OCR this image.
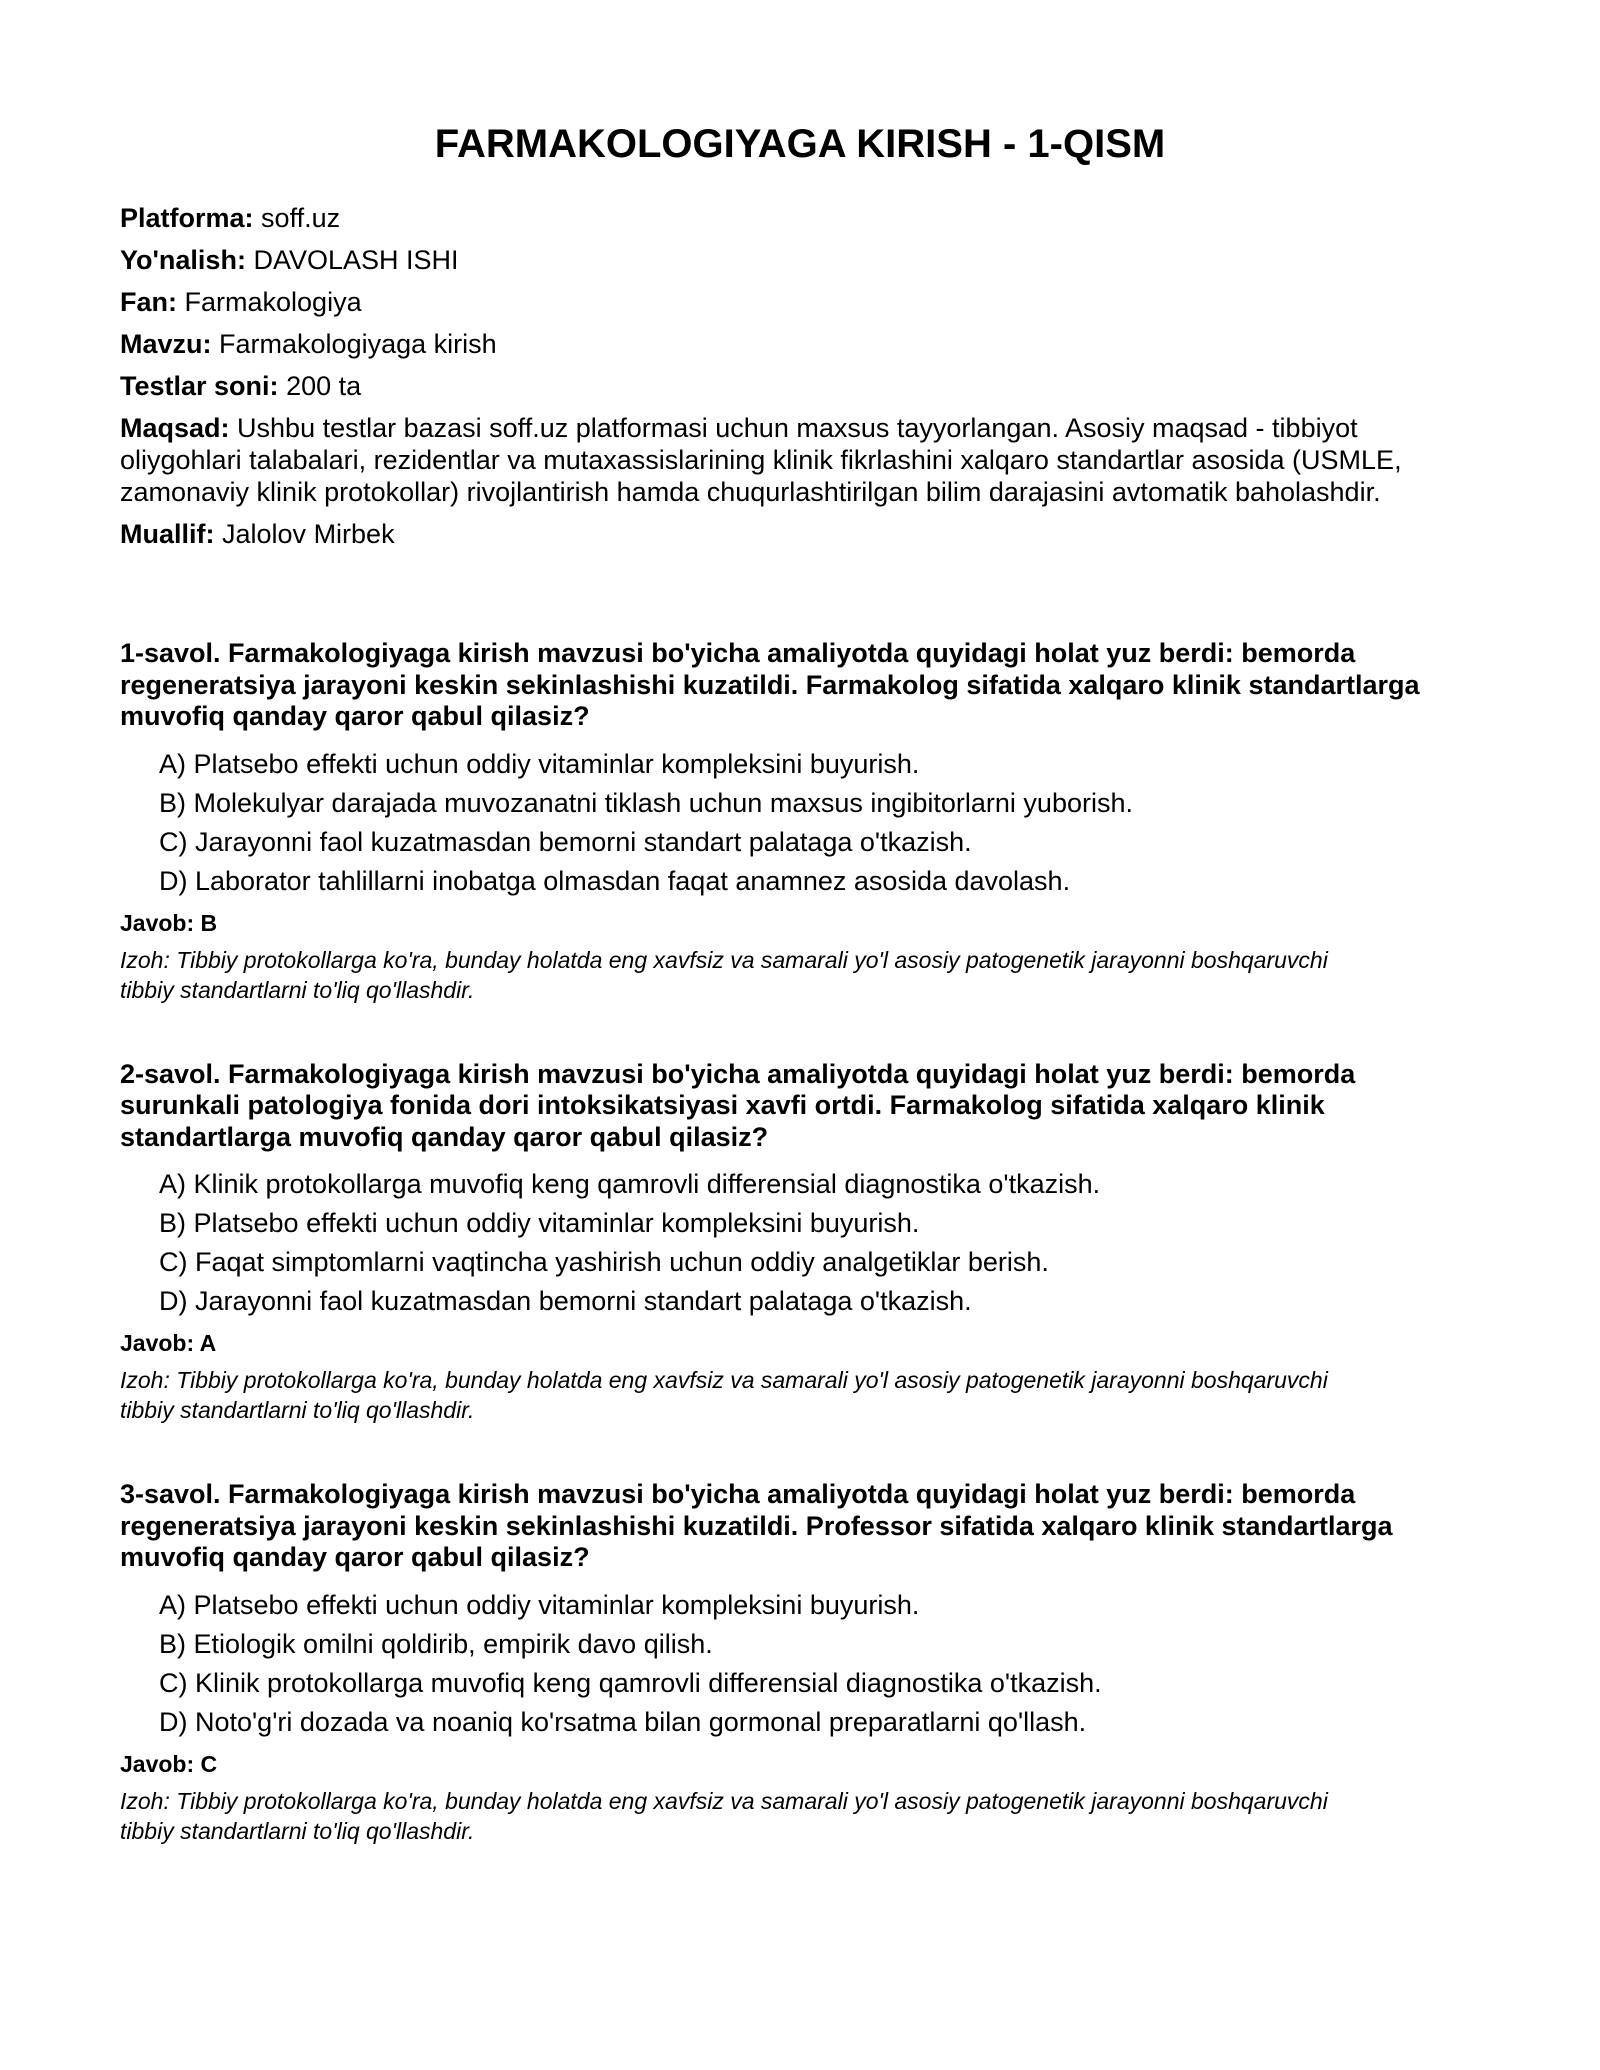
FARMAKOLOGIYAGA KIRISH - 1-QISM
Platforma: soff.uz
Yo'nalish: DAVOLASH ISHI
Fan: Farmakologiya
Mavzu: Farmakologiyaga kirish
Testlar soni: 200 ta
Maqsad: Ushbu testlar bazasi soff.uz platformasi uchun maxsus tayyorlangan. Asosiy maqsad - tibbiyot oliygohlari talabalari, rezidentlar va mutaxassislarining klinik fikrlashini xalqaro standartlar asosida (USMLE, zamonaviy klinik protokollar) rivojlantirish hamda chuqurlashtirilgan bilim darajasini avtomatik baholashdir.
Muallif: Jalolov Mirbek
1-savol. Farmakologiyaga kirish mavzusi bo'yicha amaliyotda quyidagi holat yuz berdi: bemorda regeneratsiya jarayoni keskin sekinlashishi kuzatildi. Farmakolog sifatida xalqaro klinik standartlarga muvofiq qanday qaror qabul qilasiz?
A) Platsebo effekti uchun oddiy vitaminlar kompleksini buyurish.
B) Molekulyar darajada muvozanatni tiklash uchun maxsus ingibitorlarni yuborish.
C) Jarayonni faol kuzatmasdan bemorni standart palataga o'tkazish.
D) Laborator tahlillarni inobatga olmasdan faqat anamnez asosida davolash.
Javob: B
Izoh: Tibbiy protokollarga ko'ra, bunday holatda eng xavfsiz va samarali yo'l asosiy patogenetik jarayonni boshqaruvchi tibbiy standartlarni to'liq qo'llashdir.
2-savol. Farmakologiyaga kirish mavzusi bo'yicha amaliyotda quyidagi holat yuz berdi: bemorda surunkali patologiya fonida dori intoksikatsiyasi xavfi ortdi. Farmakolog sifatida xalqaro klinik standartlarga muvofiq qanday qaror qabul qilasiz?
A) Klinik protokollarga muvofiq keng qamrovli differensial diagnostika o'tkazish.
B) Platsebo effekti uchun oddiy vitaminlar kompleksini buyurish.
C) Faqat simptomlarni vaqtincha yashirish uchun oddiy analgetiklar berish.
D) Jarayonni faol kuzatmasdan bemorni standart palataga o'tkazish.
Javob: A
Izoh: Tibbiy protokollarga ko'ra, bunday holatda eng xavfsiz va samarali yo'l asosiy patogenetik jarayonni boshqaruvchi tibbiy standartlarni to'liq qo'llashdir.
3-savol. Farmakologiyaga kirish mavzusi bo'yicha amaliyotda quyidagi holat yuz berdi: bemorda regeneratsiya jarayoni keskin sekinlashishi kuzatildi. Professor sifatida xalqaro klinik standartlarga muvofiq qanday qaror qabul qilasiz?
A) Platsebo effekti uchun oddiy vitaminlar kompleksini buyurish.
B) Etiologik omilni qoldirib, empirik davo qilish.
C) Klinik protokollarga muvofiq keng qamrovli differensial diagnostika o'tkazish.
D) Noto'g'ri dozada va noaniq ko'rsatma bilan gormonal preparatlarni qo'llash.
Javob: C
Izoh: Tibbiy protokollarga ko'ra, bunday holatda eng xavfsiz va samarali yo'l asosiy patogenetik jarayonni boshqaruvchi tibbiy standartlarni to'liq qo'llashdir.
